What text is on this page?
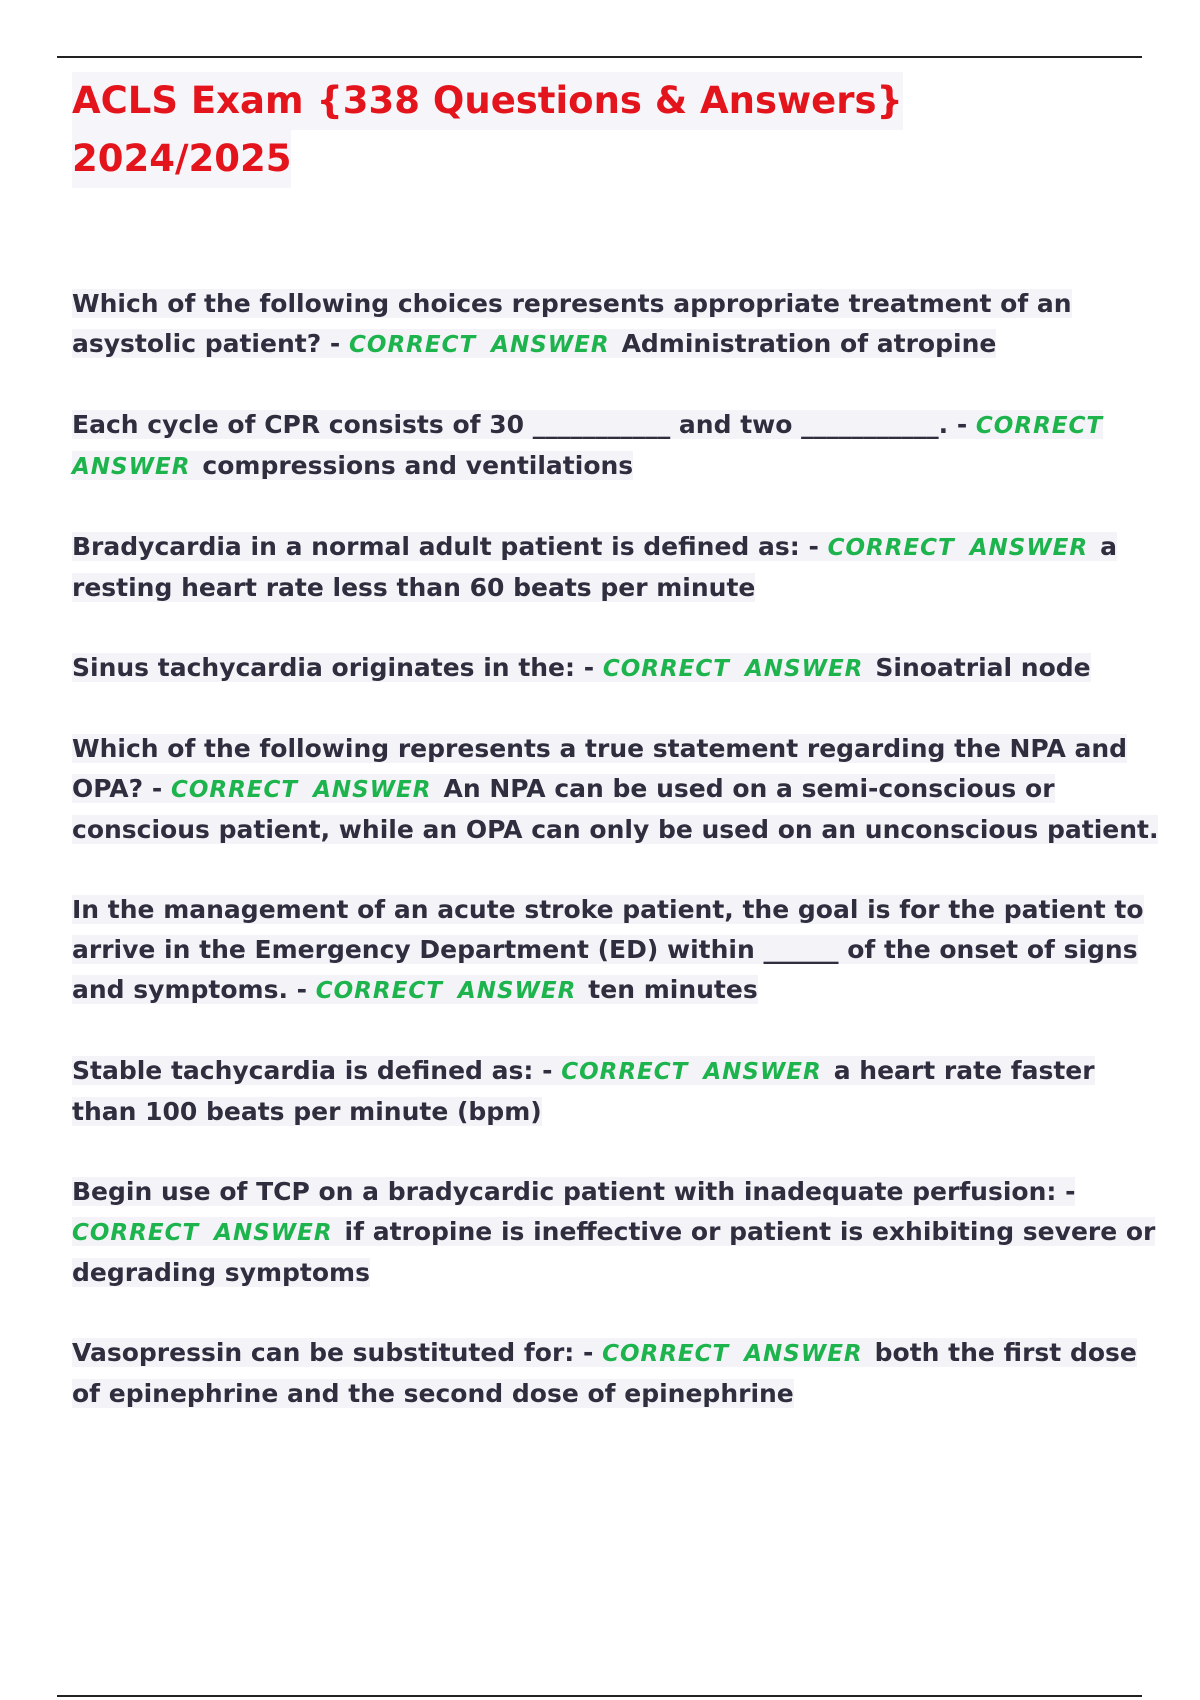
ACLS Exam {338 Questions & Answers}
2024/2025

Which of the following choices represents appropriate treatment of an asystolic patient? - CORRECT ANSWER Administration of atropine

Each cycle of CPR consists of 30 ___________ and two ___________. - CORRECT ANSWER compressions and ventilations

Bradycardia in a normal adult patient is defined as: - CORRECT ANSWER a resting heart rate less than 60 beats per minute

Sinus tachycardia originates in the: - CORRECT ANSWER Sinoatrial node

Which of the following represents a true statement regarding the NPA and OPA? - CORRECT ANSWER An NPA can be used on a semi-conscious or conscious patient, while an OPA can only be used on an unconscious patient.

In the management of an acute stroke patient, the goal is for the patient to arrive in the Emergency Department (ED) within ______ of the onset of signs and symptoms. - CORRECT ANSWER ten minutes

Stable tachycardia is defined as: - CORRECT ANSWER a heart rate faster than 100 beats per minute (bpm)

Begin use of TCP on a bradycardic patient with inadequate perfusion: - CORRECT ANSWER if atropine is ineffective or patient is exhibiting severe or degrading symptoms

Vasopressin can be substituted for: - CORRECT ANSWER both the first dose of epinephrine and the second dose of epinephrine
